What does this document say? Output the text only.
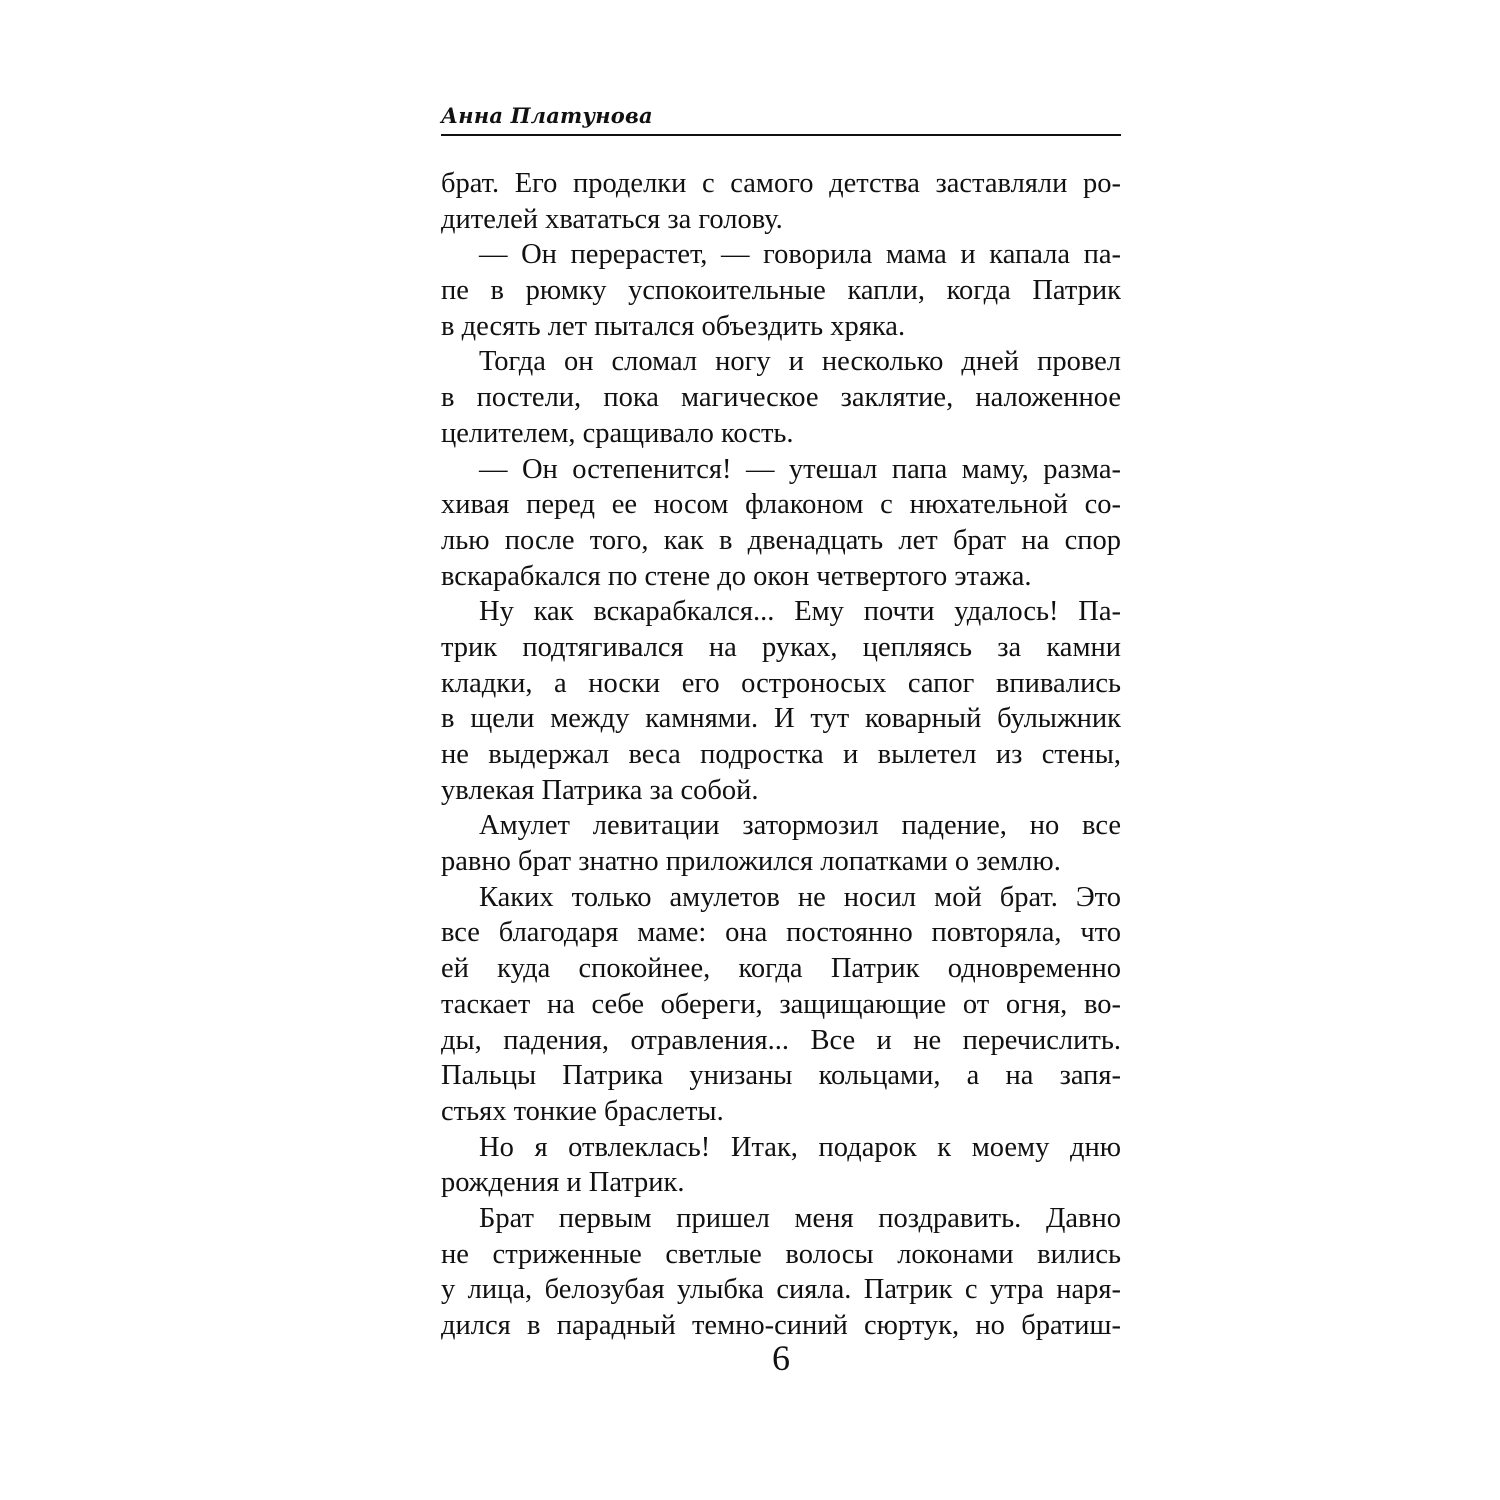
Анна Платунова
брат. Его проделки с самого детства заставляли ро-
дителей хвататься за голову.
— Он перерастет, — говорила мама и капала па-
пе в рюмку успокоительные капли, когда Патрик
в десять лет пытался объездить хряка.
Тогда он сломал ногу и несколько дней провел
в постели, пока магическое заклятие, наложенное
целителем, сращивало кость.
— Он остепенится! — утешал папа маму, разма-
хивая перед ее носом флаконом с нюхательной со-
лью после того, как в двенадцать лет брат на спор
вскарабкался по стене до окон четвертого этажа.
Ну как вскарабкался... Ему почти удалось! Па-
трик подтягивался на руках, цепляясь за камни
кладки, а носки его остроносых сапог впивались
в щели между камнями. И тут коварный булыжник
не выдержал веса подростка и вылетел из стены,
увлекая Патрика за собой.
Амулет левитации затормозил падение, но все
равно брат знатно приложился лопатками о землю.
Каких только амулетов не носил мой брат. Это
все благодаря маме: она постоянно повторяла, что
ей куда спокойнее, когда Патрик одновременно
таскает на себе обереги, защищающие от огня, во-
ды, падения, отравления... Все и не перечислить.
Пальцы Патрика унизаны кольцами, а на запя-
стьях тонкие браслеты.
Но я отвлеклась! Итак, подарок к моему дню
рождения и Патрик.
Брат первым пришел меня поздравить. Давно
не стриженные светлые волосы локонами вились
у лица, белозубая улыбка сияла. Патрик с утра наря-
дился в парадный темно-синий сюртук, но братиш-
6
